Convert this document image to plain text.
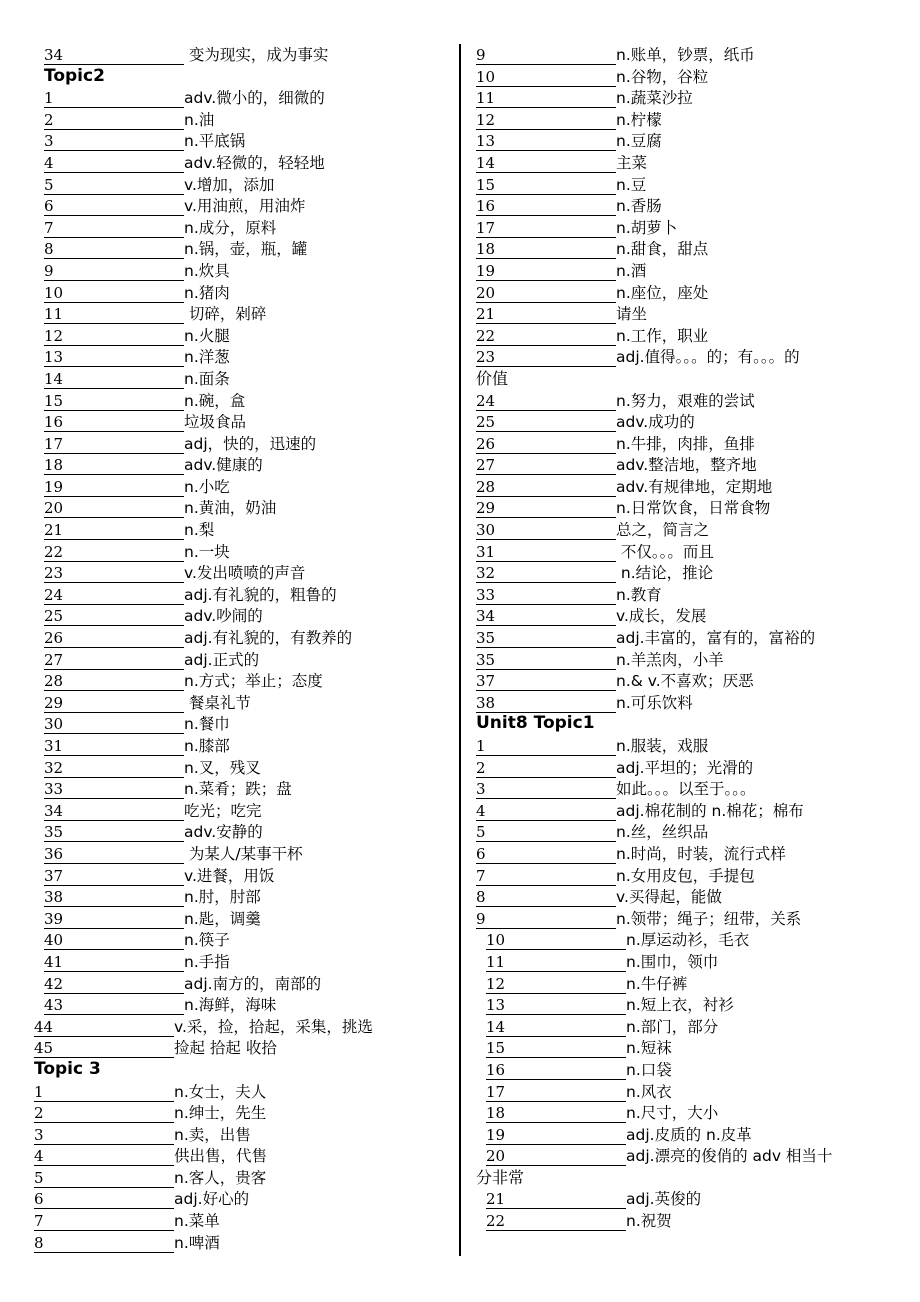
34	变为现实，成为事实
Topic2
1	adv.微小的，细微的
2	n.油
3	n.平底锅
4	adv.轻微的，轻轻地
5	v.增加，添加
6	v.用油煎，用油炸
7	n.成分，原料
8	n.锅，壶，瓶，罐
9	n.炊具
10	n.猪肉
11	切碎，剁碎
12	n.火腿
13	n.洋葱
14	n.面条
15	n.碗，盒
16	垃圾食品
17	adj，快的，迅速的
18	adv.健康的
19	n.小吃
20	n.黄油，奶油
21	n.梨
22	n.一块
23	v.发出喷喷的声音
24	adj.有礼貌的，粗鲁的
25	adv.吵闹的
26	adj.有礼貌的，有教养的
27	adj.正式的
28	n.方式；举止；态度
29	餐桌礼节
30	n.餐巾
31	n.膝部
32	n.叉，残叉
33	n.菜肴；跌；盘
34	吃光；吃完
35	adv.安静的
36	为某人/某事干杯
37	v.进餐，用饭
38	n.肘，肘部
39	n.匙，调羹
40	n.筷子
41	n.手指
42	adj.南方的，南部的
43	n.海鲜，海味
44	v.采，捡，拾起，采集，挑选
45	捡起 拾起 收拾
Topic 3
1	n.女士，夫人
2	n.绅士，先生
3	n.卖，出售
4	供出售，代售
5	n.客人，贵客
6	adj.好心的
7	n.菜单
8	n.啤酒
9	n.账单，钞票，纸币
10	n.谷物，谷粒
11	n.蔬菜沙拉
12	n.柠檬
13	n.豆腐
14	主菜
15	n.豆
16	n.香肠
17	n.胡萝卜
18	n.甜食，甜点
19	n.酒
20	n.座位，座处
21	请坐
22	n.工作，职业
23	adj.值得。。。的；有。。。的
价值
24	n.努力，艰难的尝试
25	adv.成功的
26	n.牛排，肉排，鱼排
27	adv.整洁地，整齐地
28	adv.有规律地，定期地
29	n.日常饮食，日常食物
30	总之，简言之
31	不仅。。。而且
32	n.结论，推论
33	n.教育
34	v.成长，发展
35	adj.丰富的，富有的，富裕的
35	n.羊羔肉，小羊
37	n.& v.不喜欢；厌恶
38	n.可乐饮料
Unit8 Topic1
1	n.服装，戏服
2	adj.平坦的；光滑的
3	如此。。。以至于。。。
4	adj.棉花制的 n.棉花；棉布
5	n.丝，丝织品
6	n.时尚，时装，流行式样
7	n.女用皮包，手提包
8	v.买得起，能做
9	n.领带；绳子；纽带，关系
10	n.厚运动衫，毛衣
11	n.围巾，领巾
12	n.牛仔裤
13	n.短上衣，衬衫
14	n.部门，部分
15	n.短袜
16	n.口袋
17	n.风衣
18	n.尺寸，大小
19	adj.皮质的 n.皮革
20	adj.漂亮的俊俏的 adv 相当十
分非常
21	adj.英俊的
22	n.祝贺
